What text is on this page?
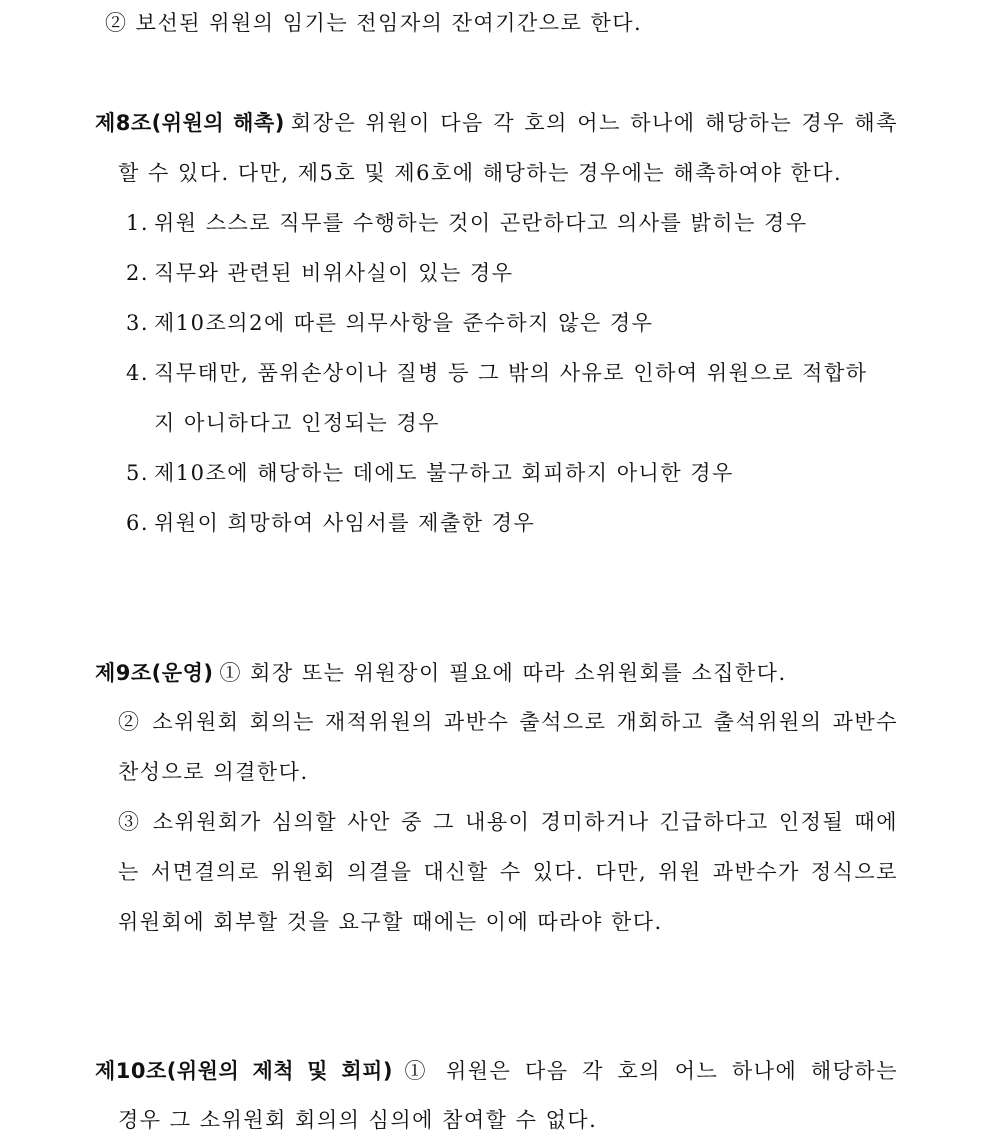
② 보선된 위원의 임기는 전임자의 잔여기간으로 한다.
제8조(위원의 해촉) 회장은 위원이 다음 각 호의 어느 하나에 해당하는 경우 해촉
할 수 있다. 다만, 제5호 및 제6호에 해당하는 경우에는 해촉하여야 한다.
1. 위원 스스로 직무를 수행하는 것이 곤란하다고 의사를 밝히는 경우
2. 직무와 관련된 비위사실이 있는 경우
3. 제10조의2에 따른 의무사항을 준수하지 않은 경우
4. 직무태만, 품위손상이나 질병 등 그 밖의 사유로 인하여 위원으로 적합하
지 아니하다고 인정되는 경우
5. 제10조에 해당하는 데에도 불구하고 회피하지 아니한 경우
6. 위원이 희망하여 사임서를 제출한 경우
제9조(운영) ① 회장 또는 위원장이 필요에 따라 소위원회를 소집한다.
② 소위원회 회의는 재적위원의 과반수 출석으로 개회하고 출석위원의 과반수
찬성으로 의결한다.
③ 소위원회가 심의할 사안 중 그 내용이 경미하거나 긴급하다고 인정될 때에
는 서면결의로 위원회 의결을 대신할 수 있다. 다만, 위원 과반수가 정식으로
위원회에 회부할 것을 요구할 때에는 이에 따라야 한다.
제10조(위원의 제척 및 회피) ① 위원은 다음 각 호의 어느 하나에 해당하는
경우 그 소위원회 회의의 심의에 참여할 수 없다.
